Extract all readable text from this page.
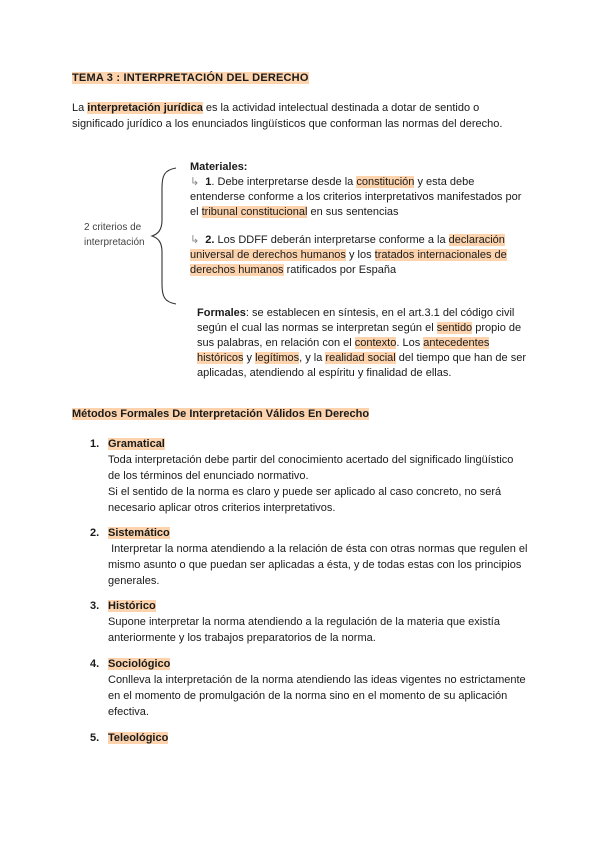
TEMA 3 : INTERPRETACIÓN DEL DERECHO
La interpretación jurídica es la actividad intelectual destinada a dotar de sentido o significado jurídico a los enunciados lingüísticos que conforman las normas del derecho.
2 criterios de interpretación
Materiales:
↳ 1. Debe interpretarse desde la constitución y esta debe entenderse conforme a los criterios interpretativos manifestados por el tribunal constitucional en sus sentencias
↳ 2. Los DDFF deberán interpretarse conforme a la declaración universal de derechos humanos y los tratados internacionales de derechos humanos ratificados por España
Formales: se establecen en síntesis, en el art.3.1 del código civil según el cual las normas se interpretan según el sentido propio de sus palabras, en relación con el contexto. Los antecedentes históricos y legítimos, y la realidad social del tiempo que han de ser aplicadas, atendiendo al espíritu y finalidad de ellas.
Métodos Formales De Interpretación Válidos En Derecho
1. Gramatical
Toda interpretación debe partir del conocimiento acertado del significado lingüístico de los términos del enunciado normativo.
Si el sentido de la norma es claro y puede ser aplicado al caso concreto, no será necesario aplicar otros criterios interpretativos.
2. Sistemático
Interpretar la norma atendiendo a la relación de ésta con otras normas que regulen el mismo asunto o que puedan ser aplicadas a ésta, y de todas estas con los principios generales.
3. Histórico
Supone interpretar la norma atendiendo a la regulación de la materia que existía anteriormente y los trabajos preparatorios de la norma.
4. Sociológico
Conlleva la interpretación de la norma atendiendo las ideas vigentes no estrictamente en el momento de promulgación de la norma sino en el momento de su aplicación efectiva.
5. Teleológico
